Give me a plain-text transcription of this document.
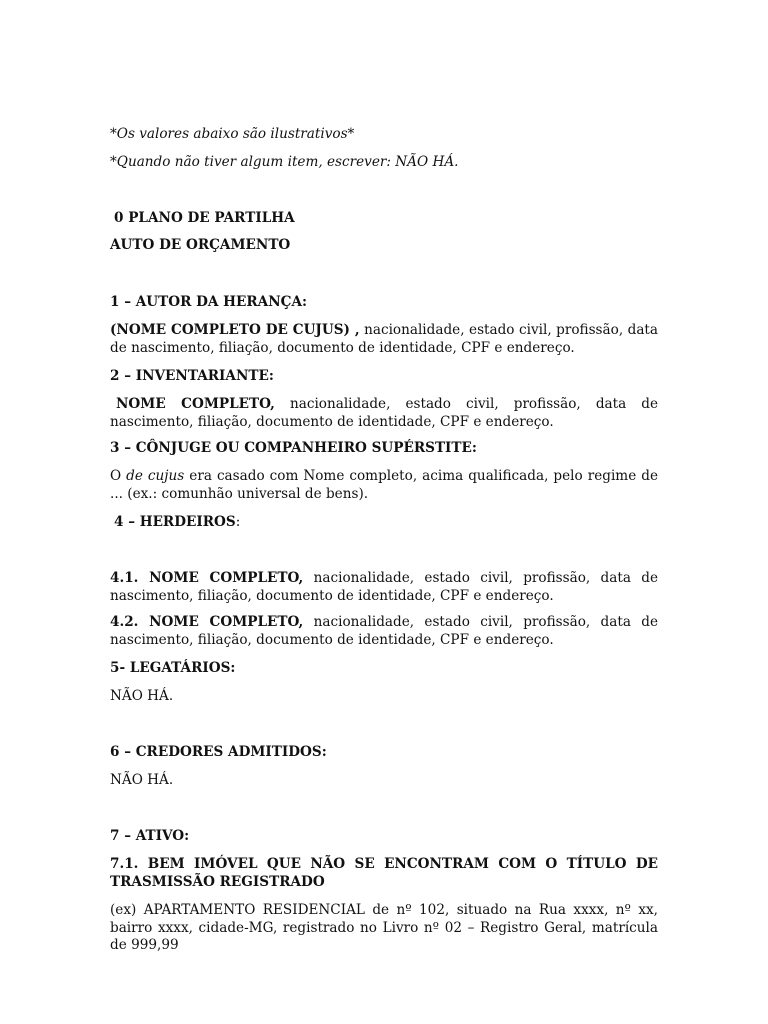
*Os valores abaixo são ilustrativos*
*Quando não tiver algum item, escrever: NÃO HÁ.
0 PLANO DE PARTILHA
AUTO DE ORÇAMENTO
1 – AUTOR DA HERANÇA:
(NOME COMPLETO DE CUJUS) , nacionalidade, estado civil, profissão, data de nascimento, filiação, documento de identidade, CPF e endereço.
2 – INVENTARIANTE:
NOME COMPLETO, nacionalidade, estado civil, profissão, data de nascimento, filiação, documento de identidade, CPF e endereço.
3 – CÔNJUGE OU COMPANHEIRO SUPÉRSTITE:
O de cujus era casado com Nome completo, acima qualificada, pelo regime de ... (ex.: comunhão universal de bens).
4 – HERDEIROS:
4.1. NOME COMPLETO, nacionalidade, estado civil, profissão, data de nascimento, filiação, documento de identidade, CPF e endereço.
4.2. NOME COMPLETO, nacionalidade, estado civil, profissão, data de nascimento, filiação, documento de identidade, CPF e endereço.
5- LEGATÁRIOS:
NÃO HÁ.
6 – CREDORES ADMITIDOS:
NÃO HÁ.
7 – ATIVO:
7.1. BEM IMÓVEL QUE NÃO SE ENCONTRAM COM O TÍTULO DE TRASMISSÃO REGISTRADO
(ex) APARTAMENTO RESIDENCIAL de nº 102, situado na Rua xxxx, nº xx, bairro xxxx, cidade-MG, registrado no Livro nº 02 – Registro Geral, matrícula de 999,99
